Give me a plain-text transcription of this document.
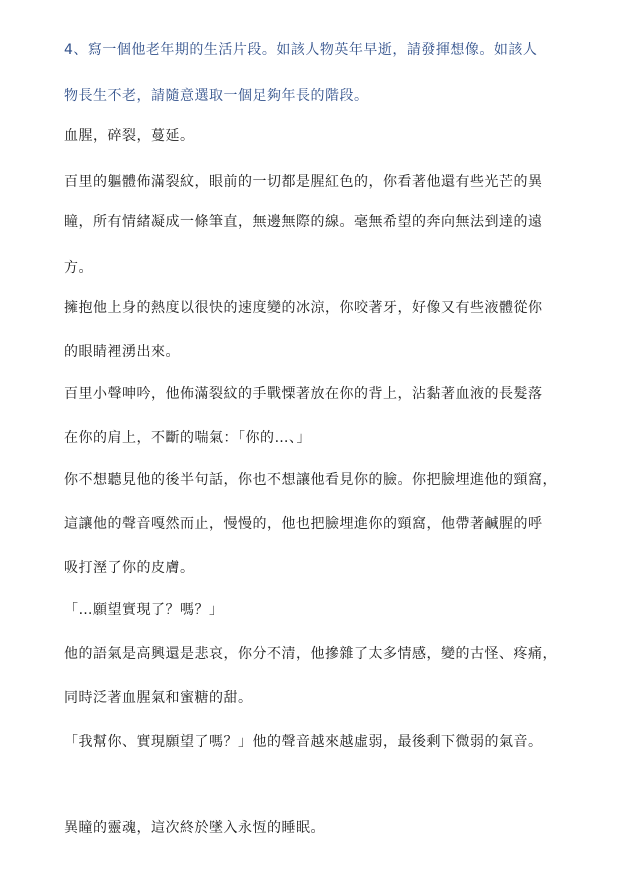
4、寫一個他老年期的生活片段。如該人物英年早逝，請發揮想像。如該人
物長生不老，請隨意選取一個足夠年長的階段。
血腥，碎裂，蔓延。
百里的軀體佈滿裂紋，眼前的一切都是腥紅色的，你看著他還有些光芒的異
瞳，所有情緒凝成一條筆直，無邊無際的線。毫無希望的奔向無法到達的遠
方。
擁抱他上身的熱度以很快的速度變的冰涼，你咬著牙，好像又有些液體從你
的眼睛裡湧出來。
百里小聲呻吟，他佈滿裂紋的手戰慄著放在你的背上，沾黏著血液的長髮落
在你的肩上，不斷的喘氣：「你的…、」
你不想聽見他的後半句話，你也不想讓他看見你的臉。你把臉埋進他的頸窩，
這讓他的聲音嘎然而止，慢慢的，他也把臉埋進你的頸窩，他帶著鹹腥的呼
吸打溼了你的皮膚。
「…願望實現了？嗎？」
他的語氣是高興還是悲哀，你分不清，他摻雜了太多情感，變的古怪、疼痛，
同時泛著血腥氣和蜜糖的甜。
「我幫你、實現願望了嗎？」他的聲音越來越虛弱，最後剩下微弱的氣音。
異瞳的靈魂，這次終於墜入永恆的睡眠。
